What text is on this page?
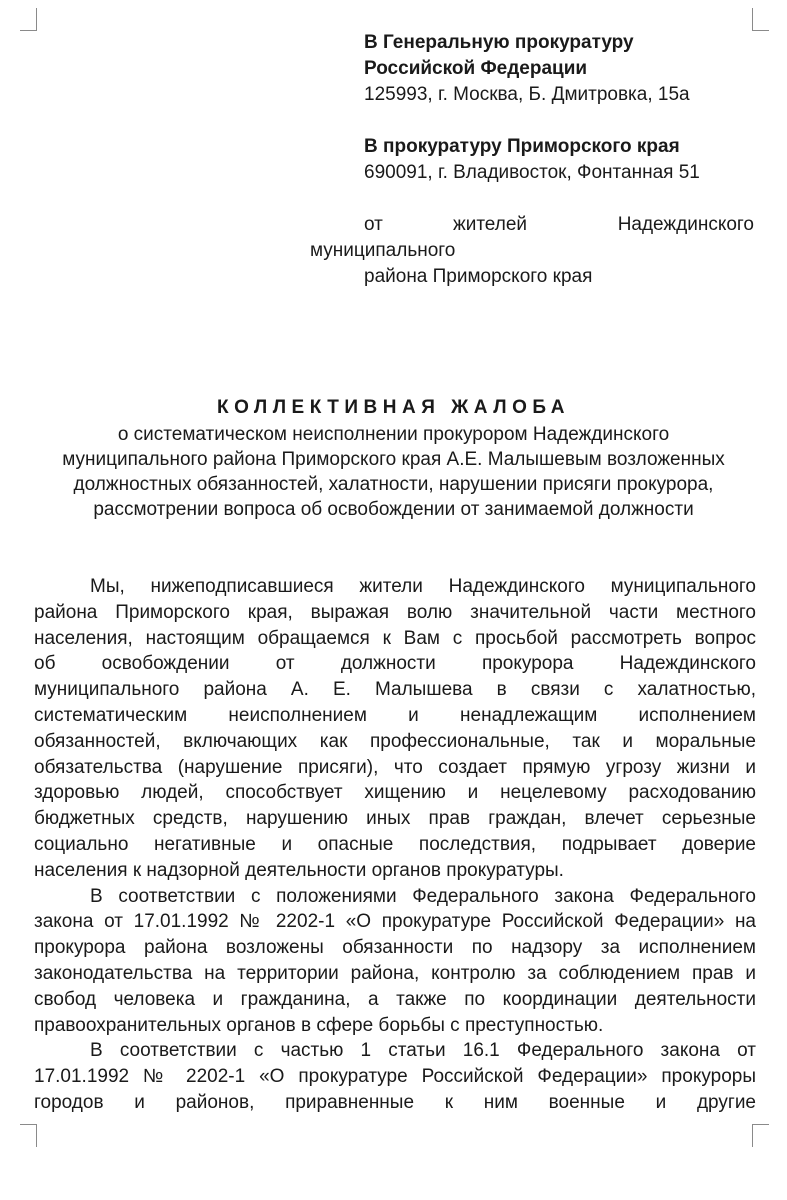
В Генеральную прокуратуру
Российской Федерации
125993, г. Москва, Б. Дмитровка, 15а
В прокуратуру Приморского края
690091, г. Владивосток, Фонтанная 51
от	жителей	Надеждинского
муниципального
района Приморского края
КОЛЛЕКТИВНАЯ ЖАЛОБА
о систематическом неисполнении прокурором Надеждинского
муниципального района Приморского края А.Е. Малышевым возложенных
должностных обязанностей, халатности, нарушении присяги прокурора,
рассмотрении вопроса об освобождении от занимаемой должности
Мы, нижеподписавшиеся жители Надеждинского муниципального
района Приморского края, выражая волю значительной части местного
населения, настоящим обращаемся к Вам с просьбой рассмотреть вопрос
об освобождении от должности прокурора Надеждинского
муниципального района А. Е. Малышева в связи с халатностью,
систематическим неисполнением и ненадлежащим исполнением
обязанностей, включающих как профессиональные, так и моральные
обязательства (нарушение присяги), что создает прямую угрозу жизни и
здоровью людей, способствует хищению и нецелевому расходованию
бюджетных средств, нарушению иных прав граждан, влечет серьезные
социально негативные и опасные последствия, подрывает доверие
населения к надзорной деятельности органов прокуратуры.
В соответствии с положениями Федерального закона Федерального
закона от 17.01.1992 № 2202-1 «О прокуратуре Российской Федерации» на
прокурора района возложены обязанности по надзору за исполнением
законодательства на территории района, контролю за соблюдением прав и
свобод человека и гражданина, а также по координации деятельности
правоохранительных органов в сфере борьбы с преступностью.
В соответствии с частью 1 статьи 16.1 Федерального закона от
17.01.1992 № 2202-1 «О прокуратуре Российской Федерации» прокуроры
городов и районов, приравненные к ним военные и другие
